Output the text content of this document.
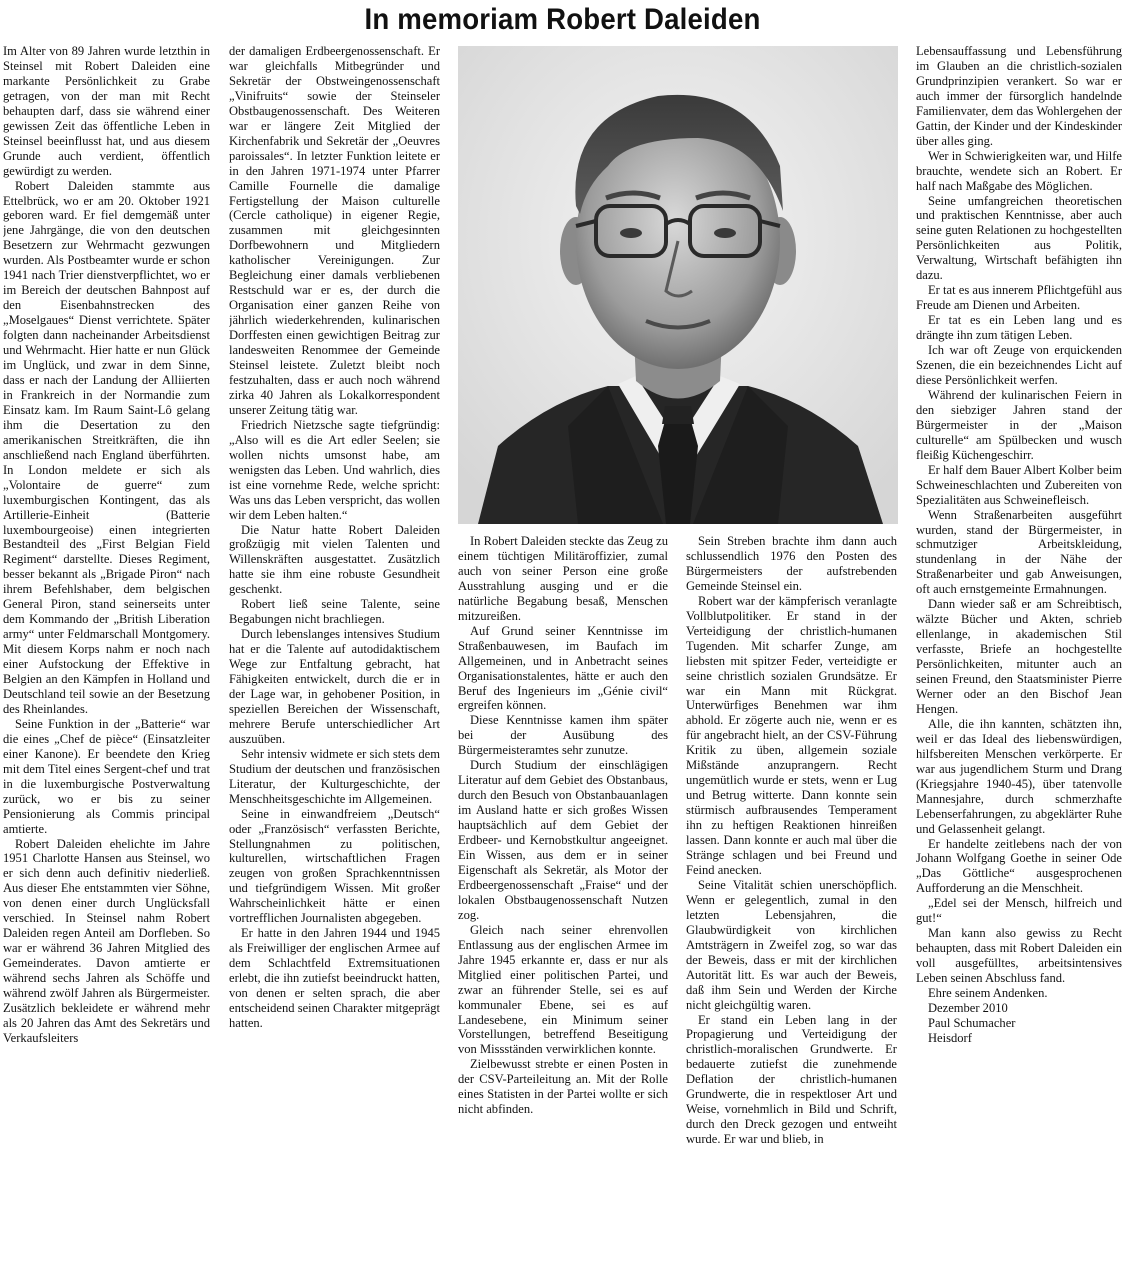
In memoriam Robert Daleiden

Im Alter von 89 Jahren wurde letzthin in Steinsel mit Robert Daleiden eine markante Persönlichkeit zu Grabe getragen, von der man mit Recht behaupten darf, dass sie während einer gewissen Zeit das öffentliche Leben in Steinsel beeinflusst hat, und aus diesem Grunde auch verdient, öffentlich gewürdigt zu werden.

Robert Daleiden stammte aus Ettelbrück, wo er am 20. Oktober 1921 geboren ward. Er fiel demgemäß unter jene Jahrgänge, die von den deutschen Besetzern zur Wehrmacht gezwungen wurden. Als Postbeamter wurde er schon 1941 nach Trier dienstverpflichtet, wo er im Bereich der deutschen Bahnpost auf den Eisenbahnstrecken des „Moselgaues“ Dienst verrichtete. Später folgten dann nacheinander Arbeitsdienst und Wehrmacht. Hier hatte er nun Glück im Unglück, und zwar in dem Sinne, dass er nach der Landung der Alliierten in Frankreich in der Normandie zum Einsatz kam. Im Raum Saint-Lô gelang ihm die Desertation zu den amerikanischen Streitkräften, die ihn anschließend nach England überführten. In London meldete er sich als „Volontaire de guerre“ zum luxemburgischen Kontingent, das als Artillerie-Einheit (Batterie luxembourgeoise) einen integrierten Bestandteil des „First Belgian Field Regiment“ darstellte. Dieses Regiment, besser bekannt als „Brigade Piron“ nach ihrem Befehlshaber, dem belgischen General Piron, stand seinerseits unter dem Kommando der „British Liberation army“ unter Feldmarschall Montgomery. Mit diesem Korps nahm er noch nach einer Aufstockung der Effektive in Belgien an den Kämpfen in Holland und Deutschland teil sowie an der Besetzung des Rheinlandes.

Seine Funktion in der „Batterie“ war die eines „Chef de pièce“ (Einsatzleiter einer Kanone). Er beendete den Krieg mit dem Titel eines Sergent-chef und trat in die luxemburgische Postverwaltung zurück, wo er bis zu seiner Pensionierung als Commis principal amtierte.

Robert Daleiden ehelichte im Jahre 1951 Charlotte Hansen aus Steinsel, wo er sich denn auch definitiv niederließ. Aus dieser Ehe entstammten vier Söhne, von denen einer durch Unglücksfall verschied. In Steinsel nahm Robert Daleiden regen Anteil am Dorfleben. So war er während 36 Jahren Mitglied des Gemeinderates. Davon amtierte er während sechs Jahren als Schöffe und während zwölf Jahren als Bürgermeister. Zusätzlich bekleidete er während mehr als 20 Jahren das Amt des Sekretärs und Verkaufsleiters

der damaligen Erdbeergenossenschaft. Er war gleichfalls Mitbegründer und Sekretär der Obstweingenossenschaft „Vinifruits“ sowie der Steinseler Obstbaugenossenschaft. Des Weiteren war er längere Zeit Mitglied der Kirchenfabrik und Sekretär der „Oeuvres paroissales“. In letzter Funktion leitete er in den Jahren 1971-1974 unter Pfarrer Camille Fournelle die damalige Fertigstellung der Maison culturelle (Cercle catholique) in eigener Regie, zusammen mit gleichgesinnten Dorfbewohnern und Mitgliedern katholischer Vereinigungen. Zur Begleichung einer damals verbliebenen Restschuld war er es, der durch die Organisation einer ganzen Reihe von jährlich wiederkehrenden, kulinarischen Dorffesten einen gewichtigen Beitrag zur landesweiten Renommee der Gemeinde Steinsel leistete. Zuletzt bleibt noch festzuhalten, dass er auch noch während zirka 40 Jahren als Lokalkorrespondent unserer Zeitung tätig war.

Friedrich Nietzsche sagte tiefgründig: „Also will es die Art edler Seelen; sie wollen nichts umsonst habe, am wenigsten das Leben. Und wahrlich, dies ist eine vornehme Rede, welche spricht: Was uns das Leben verspricht, das wollen wir dem Leben halten.“

Die Natur hatte Robert Daleiden großzügig mit vielen Talenten und Willenskräften ausgestattet. Zusätzlich hatte sie ihm eine robuste Gesundheit geschenkt.

Robert ließ seine Talente, seine Begabungen nicht brachliegen.

Durch lebenslanges intensives Studium hat er die Talente auf autodidaktischem Wege zur Entfaltung gebracht, hat Fähigkeiten entwickelt, durch die er in der Lage war, in gehobener Position, in speziellen Bereichen der Wissenschaft, mehrere Berufe unterschiedlicher Art auszuüben.

Sehr intensiv widmete er sich stets dem Studium der deutschen und französischen Literatur, der Kulturgeschichte, der Menschheitsgeschichte im Allgemeinen.

Seine in einwandfreiem „Deutsch“ oder „Französisch“ verfassten Berichte, Stellungnahmen zu politischen, kulturellen, wirtschaftlichen Fragen zeugen von großen Sprachkenntnissen und tiefgründigem Wissen. Mit großer Wahrscheinlichkeit hätte er einen vortrefflichen Journalisten abgegeben.

Er hatte in den Jahren 1944 und 1945 als Freiwilliger der englischen Armee auf dem Schlachtfeld Extremsituationen erlebt, die ihn zutiefst beeindruckt hatten, von denen er selten sprach, die aber entscheidend seinen Charakter mitgeprägt hatten.

In Robert Daleiden steckte das Zeug zu einem tüchtigen Militäroffizier, zumal auch von seiner Person eine große Ausstrahlung ausging und er die natürliche Begabung besaß, Menschen mitzureißen.

Auf Grund seiner Kenntnisse im Straßenbauwesen, im Baufach im Allgemeinen, und in Anbetracht seines Organisationstalentes, hätte er auch den Beruf des Ingenieurs im „Génie civil“ ergreifen können.

Diese Kenntnisse kamen ihm später bei der Ausübung des Bürgermeisteramtes sehr zunutze.

Durch Studium der einschlägigen Literatur auf dem Gebiet des Obstanbaus, durch den Besuch von Obstanbauanlagen im Ausland hatte er sich großes Wissen hauptsächlich auf dem Gebiet der Erdbeer- und Kernobstkultur angeeignet. Ein Wissen, aus dem er in seiner Eigenschaft als Sekretär, als Motor der Erdbeergenossenschaft „Fraise“ und der lokalen Obstbaugenossenschaft Nutzen zog.

Gleich nach seiner ehrenvollen Entlassung aus der englischen Armee im Jahre 1945 erkannte er, dass er nur als Mitglied einer politischen Partei, und zwar an führender Stelle, sei es auf kommunaler Ebene, sei es auf Landesebene, ein Minimum seiner Vorstellungen, betreffend Beseitigung von Missständen verwirklichen konnte.

Zielbewusst strebte er einen Posten in der CSV-Parteileitung an. Mit der Rolle eines Statisten in der Partei wollte er sich nicht abfinden.

Sein Streben brachte ihm dann auch schlussendlich 1976 den Posten des Bürgermeisters der aufstrebenden Gemeinde Steinsel ein.

Robert war der kämpferisch veranlagte Vollblutpolitiker. Er stand in der Verteidigung der christlich-humanen Tugenden. Mit scharfer Zunge, am liebsten mit spitzer Feder, verteidigte er seine christlich sozialen Grundsätze. Er war ein Mann mit Rückgrat. Unterwürfiges Benehmen war ihm abhold. Er zögerte auch nie, wenn er es für angebracht hielt, an der CSV-Führung Kritik zu üben, allgemein soziale Mißstände anzuprangern. Recht ungemütlich wurde er stets, wenn er Lug und Betrug witterte. Dann konnte sein stürmisch aufbrausendes Temperament ihn zu heftigen Reaktionen hinreißen lassen. Dann konnte er auch mal über die Stränge schlagen und bei Freund und Feind anecken.

Seine Vitalität schien unerschöpflich. Wenn er gelegentlich, zumal in den letzten Lebensjahren, die Glaubwürdigkeit von kirchlichen Amtsträgern in Zweifel zog, so war das der Beweis, dass er mit der kirchlichen Autorität litt. Es war auch der Beweis, daß ihm Sein und Werden der Kirche nicht gleichgültig waren.

Er stand ein Leben lang in der Propagierung und Verteidigung der christlich-moralischen Grundwerte. Er bedauerte zutiefst die zunehmende Deflation der christlich-humanen Grundwerte, die in respektloser Art und Weise, vornehmlich in Bild und Schrift, durch den Dreck gezogen und entweiht wurde. Er war und blieb, in

Lebensauffassung und Lebensführung im Glauben an die christlich-sozialen Grundprinzipien verankert. So war er auch immer der fürsorglich handelnde Familienvater, dem das Wohlergehen der Gattin, der Kinder und der Kindeskinder über alles ging.

Wer in Schwierigkeiten war, und Hilfe brauchte, wendete sich an Robert. Er half nach Maßgabe des Möglichen.

Seine umfangreichen theoretischen und praktischen Kenntnisse, aber auch seine guten Relationen zu hochgestellten Persönlichkeiten aus Politik, Verwaltung, Wirtschaft befähigten ihn dazu.

Er tat es aus innerem Pflichtgefühl aus Freude am Dienen und Arbeiten.

Er tat es ein Leben lang und es drängte ihn zum tätigen Leben.

Ich war oft Zeuge von erquickenden Szenen, die ein bezeichnendes Licht auf diese Persönlichkeit werfen.

Während der kulinarischen Feiern in den siebziger Jahren stand der Bürgermeister in der „Maison culturelle“ am Spülbecken und wusch fleißig Küchengeschirr.

Er half dem Bauer Albert Kolber beim Schweineschlachten und Zubereiten von Spezialitäten aus Schweinefleisch.

Wenn Straßenarbeiten ausgeführt wurden, stand der Bürgermeister, in schmutziger Arbeitskleidung, stundenlang in der Nähe der Straßenarbeiter und gab Anweisungen, oft auch ernstgemeinte Ermahnungen.

Dann wieder saß er am Schreibtisch, wälzte Bücher und Akten, schrieb ellenlange, in akademischen Stil verfasste, Briefe an hochgestellte Persönlichkeiten, mitunter auch an seinen Freund, den Staatsminister Pierre Werner oder an den Bischof Jean Hengen.

Alle, die ihn kannten, schätzten ihn, weil er das Ideal des liebenswürdigen, hilfsbereiten Menschen verkörperte. Er war aus jugendlichem Sturm und Drang (Kriegsjahre 1940-45), über tatenvolle Mannesjahre, durch schmerzhafte Lebenserfahrungen, zu abgeklärter Ruhe und Gelassenheit gelangt.

Er handelte zeitlebens nach der von Johann Wolfgang Goethe in seiner Ode „Das Göttliche“ ausgesprochenen Aufforderung an die Menschheit.

„Edel sei der Mensch, hilfreich und gut!“

Man kann also gewiss zu Recht behaupten, dass mit Robert Daleiden ein voll ausgefülltes, arbeitsintensives Leben seinen Abschluss fand.

Ehre seinem Andenken.

Dezember 2010

Paul Schumacher

Heisdorf
